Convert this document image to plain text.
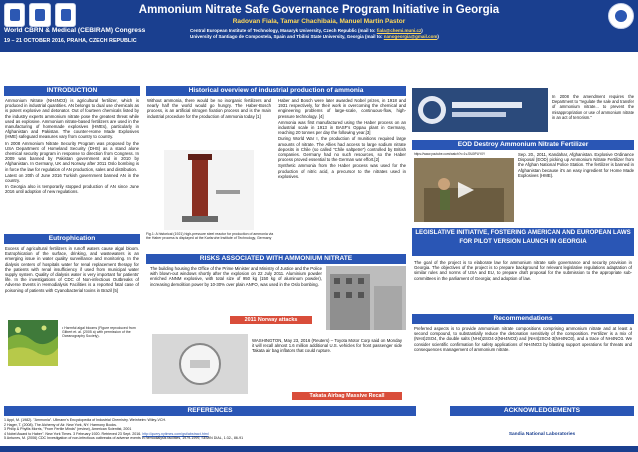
Ammonium Nitrate Safe Governance Program Initiative in Georgia
Radovan Fiala, Tamar Chachibaia, Manuel Martin Pastor
World CBRN & Medical (CEBIRAM) Congress
19 – 21 OCTOBER 2016, PRAHA, CZECH REPUBLIC
Central European Institute of Technology, Masaryk University, Czech Republic (mail to: fiala@chemi.muni.cz)
University of Santiago de Compostela, Spain and Tbilisi State University, Georgia (mail to: nanogeorgia@gmail.com)
INTRODUCTION

Ammonium Nitrate (NH4NO3) is agricultural fertilizer, which is produced in industrial quantities. AN belongs to dual use chemicals as is potent explosive and detonator. Out of fourteen chemicals listed by the industry experts ammonium nitrate pose the greatest threat while used as explosive. Ammonium nitrate-based fertilizers are used in the manufacturing of homemade explosives (HMEs), particularly in Afghanistan and Pakistan. The counter-Home Made Explosives (HME) safeguard measures vary from country to country.

In 2008 Ammonium Nitrate Security Program was proposed by the USA Department of Homeland Security (DHS) as a stand alone chemical security program in response to direction from Congress. In 2009 was banned by Pakistan government and in 2010 by Afghanistan. In Germany, UK and Norway after 2011 Oslo bombing is in force the law for regulation of AN production, sales and distribution.

Latest on 20th of June 2016 Turkish government banned AN in the country.

In Georgia also is temporarily stopped production of AN since June 2016 until adoption of new regulations.

Eutrophication
Excess of agricultural fertilizers in runoff waters cause algal bloom. Eutrophication of the surface, drinking, and wastewaters is an emerging issue in water quality surveillance and monitoring. In the dialysis centers of hospitals water for renal replacement therapy for the patients with renal insufficiency if used from municipal water supply system. Quality of dialysis water is very important for patients' life. In the investigations of CDC of Non-infectious Outbreaks of Adverse Events in Hemodialysis Facilities is a reported fatal case of poisoning of patients with Cyanobacterial toxins in Brazil [5]
• Harmful algal blooms (Figure reproduced from Gilbert et. al. (2005 a) with permission of the Oceanography Society).
Historical overview of industrial production of ammonia
Without ammonia, there would be no inorganic fertilizers and nearly half the world would go hungry. The Haber-Bosch process, is an artificial nitrogen fixation process and is the main industrial procedure for the production of ammonia today [1]
Fig.1: A historical (1921) high-pressure steel reactor for production of ammonia via the Haber process is displayed at the Karlsruhe Institute of Technology, Germany

Haber and Bosch were later awarded Nobel prizes, in 1918 and 1931 respectively, for their work in overcoming the chemical and engineering problems of large-scale, continuous-flow, high-pressure technology. [4]

Ammonia was first manufactured using the Haber process on an industrial scale in 1913 in BASF's Oppau plant in Germany, reaching 20 tonnes per day the following year.[3]

During World War I, the production of munitions required large amounts of nitrate. The Allies had access to large sodium nitrate deposits in Chile (so called "Chile saltpetre") controlled by British companies. Germany had no such resources, so the Haber process proved essential to the German war effort.[2]

Synthetic ammonia from the Haber process was used for the production of nitric acid, a precursor to the nitrates used in explosives.

RISKS ASSOCIATED WITH AMMONIUM NITRATE
The building housing the Office of the Prime Minister and Ministry of Justice and the Police with blown-out windows shortly after the explosion on 22 July 2011. Aluminium powder enriched ANNM explosive, with total size of 950 kg (150 kg of aluminum powder), increasing demolition power by 10-30% over plain ANFO, was used in the Oslo bombing.
2011 Norway attacks
WASHINGTON, May 23, 2016 (Reuters) – Toyota Motor Corp said on Monday it will recall almost 1.6 million additional U.S. vehicles for front passenger side Takata air bag inflators that could rupture.
Takata Airbag Massive Recall
In 2008 the amendment requires the Department to "regulate the sale and transfer of ammonium nitrate... to prevent the misappropriation or use of ammonium nitrate in an act of terrorism."
EOD Destroy Ammonium Nitrate Fertilizer
https://www.youtube.com/watch?v=1vJ0U0PUY0Y	Sep. 20., 2011, Kandahar, Afghanistan. Explosive Ordinance Disposal (EOD) picking up Ammonium Nitrate Fertilizer from the Afghan National Police Station. The fertilizer is banned in Afghanistan because it's an easy ingredient for Home Made Explosives (HME).
LEGISLATIVE INITIATIVE, FOSTERING AMERICAN AND EUROPEAN LAWS FOR PILOT VERSION LAUNCH IN GEORGIA
The goal of the project is to elaborate law for ammonium nitrate safe governance and security provision in Georgia. The objectives of the project is to prepare background for relevant legislative regulations adaptation of similar rules and norms of USA and EU, to prepare draft proposal for the submission to the appropriate sub-committees in the parliament of Georgia; and adoption of law.
Recommendations
Preferred aspects is to provide ammonium nitrate compositions comprising ammonium nitrate and at least a second compound, to substantially reduce the detonation sensitivity of the composition. Fertilizer is a mix of (NH4)2SO4, the double salts (NH4)2SO4·2(NH4NO3) and (NH4)2SO4·3(NH4NO3), and a trace of NH4NO3. We consider scientific confirmation for safety applications of NH4NO3 by blasting support operations for threats and consequences management of ammonium nitrate.
REFERENCES
1 Appl, M. (1982). "Ammonia". Ullmann's Encyclopedia of Industrial Chemistry. Weinheim: Wiley-VCH.
2 Hager, T. (2008). The Alchemy of Air. New York, NY: Harmony Books.
3 Philip & Phyllis Morris, "From Fertile Minds" (review), American Scientist, 2001
4 Nobel Award to Haber". New York Times. 3 February 1920. Retrieved 23 Sept. 2016. http://query.nytimes.com/gst/abstract.html
5 Antunes, M. (2006) CDC Investigation of non-infectious outbreaks of adverse events in hemodialysis facilities, 1979-1999, SEMIN DIAL, 1:32-, 86-91
ACKNOWLEDGEMENTS
Sandia National Laboratories
